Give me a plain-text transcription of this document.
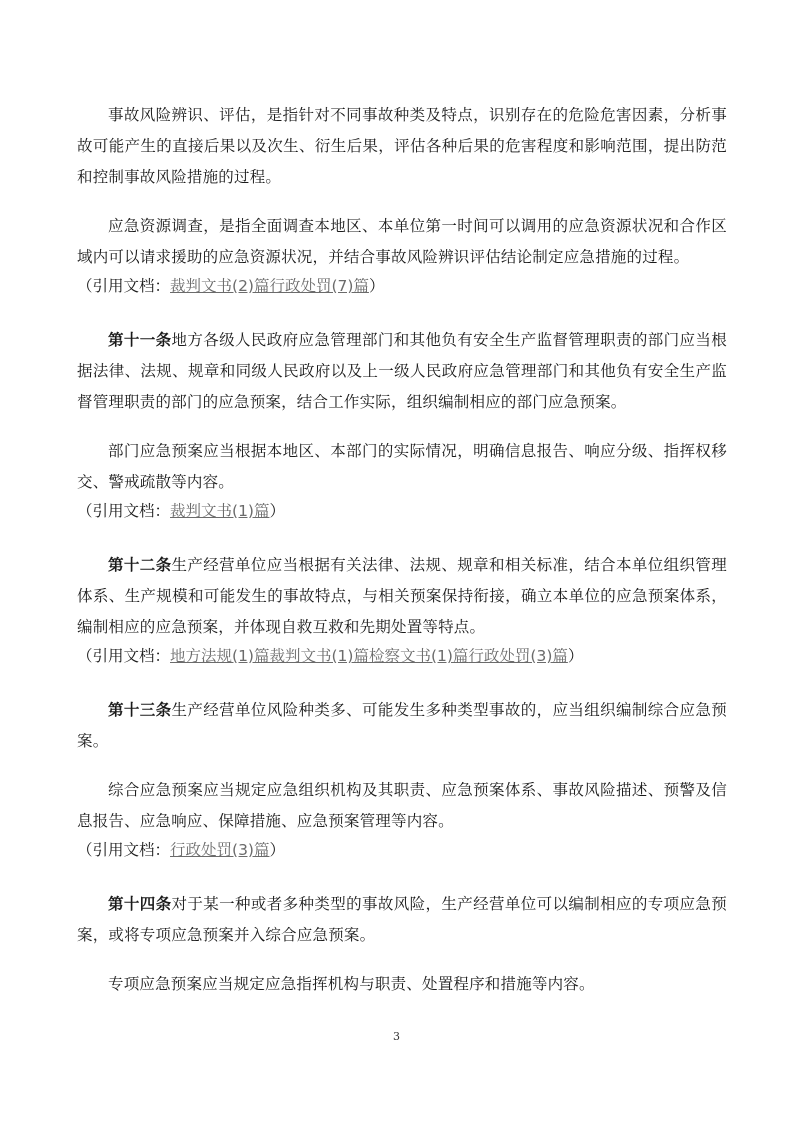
事故风险辨识、评估，是指针对不同事故种类及特点，识别存在的危险危害因素，分析事故可能产生的直接后果以及次生、衍生后果，评估各种后果的危害程度和影响范围，提出防范和控制事故风险措施的过程。

应急资源调查，是指全面调查本地区、本单位第一时间可以调用的应急资源状况和合作区域内可以请求援助的应急资源状况，并结合事故风险辨识评估结论制定应急措施的过程。

（引用文档：裁判文书(2)篇行政处罚(7)篇）

第十一条地方各级人民政府应急管理部门和其他负有安全生产监督管理职责的部门应当根据法律、法规、规章和同级人民政府以及上一级人民政府应急管理部门和其他负有安全生产监督管理职责的部门的应急预案，结合工作实际，组织编制相应的部门应急预案。

部门应急预案应当根据本地区、本部门的实际情况，明确信息报告、响应分级、指挥权移交、警戒疏散等内容。

（引用文档：裁判文书(1)篇）

第十二条生产经营单位应当根据有关法律、法规、规章和相关标准，结合本单位组织管理体系、生产规模和可能发生的事故特点，与相关预案保持衔接，确立本单位的应急预案体系，编制相应的应急预案，并体现自救互救和先期处置等特点。

（引用文档：地方法规(1)篇裁判文书(1)篇检察文书(1)篇行政处罚(3)篇）

第十三条生产经营单位风险种类多、可能发生多种类型事故的，应当组织编制综合应急预案。

综合应急预案应当规定应急组织机构及其职责、应急预案体系、事故风险描述、预警及信息报告、应急响应、保障措施、应急预案管理等内容。

（引用文档：行政处罚(3)篇）

第十四条对于某一种或者多种类型的事故风险，生产经营单位可以编制相应的专项应急预案，或将专项应急预案并入综合应急预案。

专项应急预案应当规定应急指挥机构与职责、处置程序和措施等内容。

3
